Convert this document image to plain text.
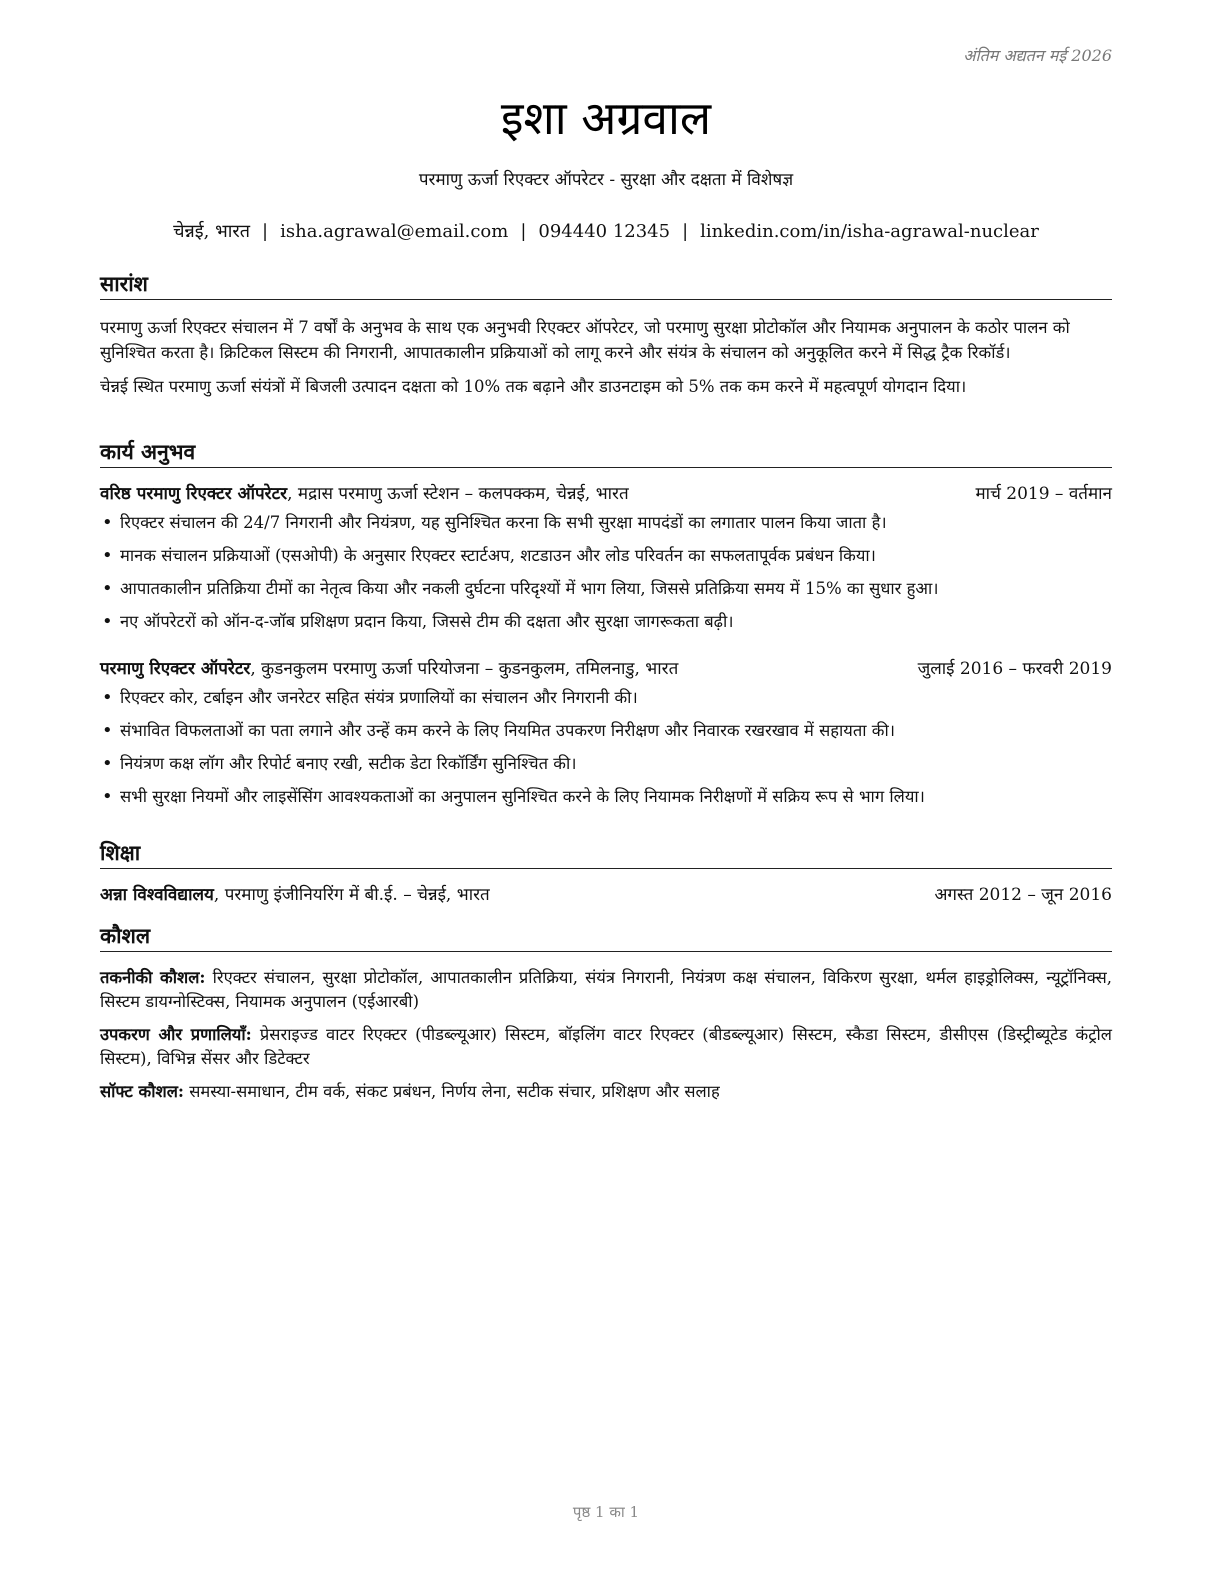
अंतिम अद्यतन मई 2026
इशा अग्रवाल
परमाणु ऊर्जा रिएक्टर ऑपरेटर - सुरक्षा और दक्षता में विशेषज्ञ
चेन्नई, भारत | isha.agrawal@email.com | 094440 12345 | linkedin.com/in/isha-agrawal-nuclear
सारांश

परमाणु ऊर्जा रिएक्टर संचालन में 7 वर्षों के अनुभव के साथ एक अनुभवी रिएक्टर ऑपरेटर, जो परमाणु सुरक्षा प्रोटोकॉल और नियामक अनुपालन के कठोर पालन को सुनिश्चित करता है। क्रिटिकल सिस्टम की निगरानी, आपातकालीन प्रक्रियाओं को लागू करने और संयंत्र के संचालन को अनुकूलित करने में सिद्ध ट्रैक रिकॉर्ड।

चेन्नई स्थित परमाणु ऊर्जा संयंत्रों में बिजली उत्पादन दक्षता को 10% तक बढ़ाने और डाउनटाइम को 5% तक कम करने में महत्वपूर्ण योगदान दिया।

कार्य अनुभव
वरिष्ठ परमाणु रिएक्टर ऑपरेटर, मद्रास परमाणु ऊर्जा स्टेशन – कलपक्कम, चेन्नई, भारत	मार्च 2019 – वर्तमान
• रिएक्टर संचालन की 24/7 निगरानी और नियंत्रण, यह सुनिश्चित करना कि सभी सुरक्षा मापदंडों का लगातार पालन किया जाता है।
• मानक संचालन प्रक्रियाओं (एसओपी) के अनुसार रिएक्टर स्टार्टअप, शटडाउन और लोड परिवर्तन का सफलतापूर्वक प्रबंधन किया।
• आपातकालीन प्रतिक्रिया टीमों का नेतृत्व किया और नकली दुर्घटना परिदृश्यों में भाग लिया, जिससे प्रतिक्रिया समय में 15% का सुधार हुआ।
• नए ऑपरेटरों को ऑन-द-जॉब प्रशिक्षण प्रदान किया, जिससे टीम की दक्षता और सुरक्षा जागरूकता बढ़ी।
परमाणु रिएक्टर ऑपरेटर, कुडनकुलम परमाणु ऊर्जा परियोजना – कुडनकुलम, तमिलनाडु, भारत	जुलाई 2016 – फरवरी 2019
• रिएक्टर कोर, टर्बाइन और जनरेटर सहित संयंत्र प्रणालियों का संचालन और निगरानी की।
• संभावित विफलताओं का पता लगाने और उन्हें कम करने के लिए नियमित उपकरण निरीक्षण और निवारक रखरखाव में सहायता की।
• नियंत्रण कक्ष लॉग और रिपोर्ट बनाए रखी, सटीक डेटा रिकॉर्डिंग सुनिश्चित की।
• सभी सुरक्षा नियमों और लाइसेंसिंग आवश्यकताओं का अनुपालन सुनिश्चित करने के लिए नियामक निरीक्षणों में सक्रिय रूप से भाग लिया।
शिक्षा
अन्ना विश्वविद्यालय, परमाणु इंजीनियरिंग में बी.ई. – चेन्नई, भारत	अगस्त 2012 – जून 2016
कौशल

तकनीकी कौशल: रिएक्टर संचालन, सुरक्षा प्रोटोकॉल, आपातकालीन प्रतिक्रिया, संयंत्र निगरानी, नियंत्रण कक्ष संचालन, विकिरण सुरक्षा, थर्मल हाइड्रोलिक्स, न्यूट्रॉनिक्स, सिस्टम डायग्नोस्टिक्स, नियामक अनुपालन (एईआरबी)

उपकरण और प्रणालियाँ: प्रेसराइज्ड वाटर रिएक्टर (पीडब्ल्यूआर) सिस्टम, बॉइलिंग वाटर रिएक्टर (बीडब्ल्यूआर) सिस्टम, स्कैडा सिस्टम, डीसीएस (डिस्ट्रीब्यूटेड कंट्रोल सिस्टम), विभिन्न सेंसर और डिटेक्टर

सॉफ्ट कौशल: समस्या-समाधान, टीम वर्क, संकट प्रबंधन, निर्णय लेना, सटीक संचार, प्रशिक्षण और सलाह

पृष्ठ 1 का 1
